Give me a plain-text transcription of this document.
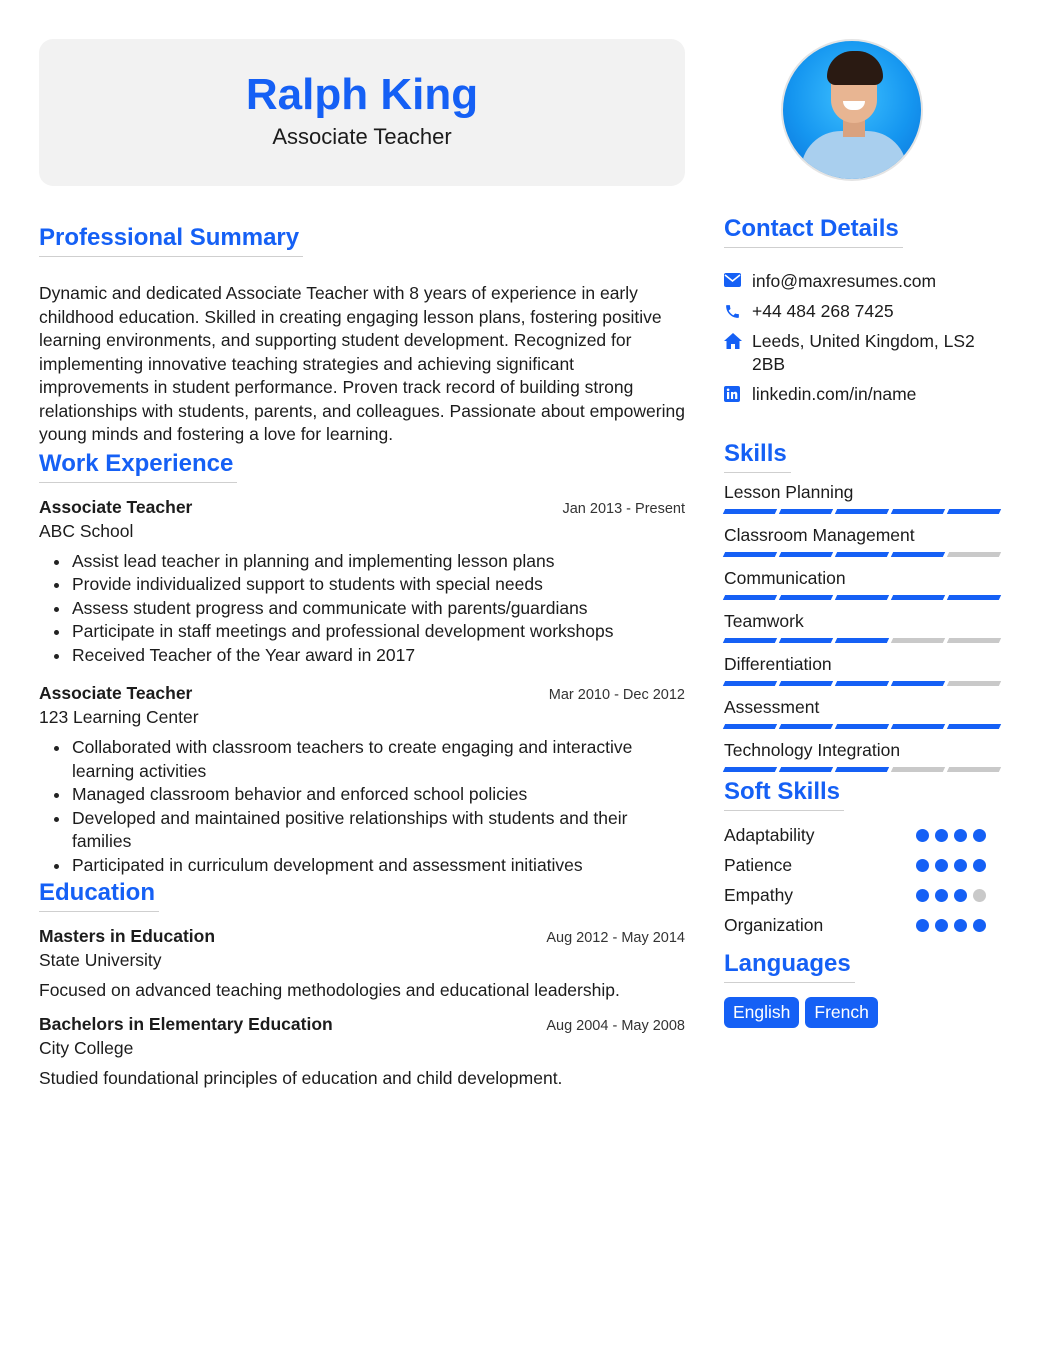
Ralph King
Associate Teacher
Professional Summary

Dynamic and dedicated Associate Teacher with 8 years of experience in early childhood education. Skilled in creating engaging lesson plans, fostering positive learning environments, and supporting student development. Recognized for implementing innovative teaching strategies and achieving significant improvements in student performance. Proven track record of building strong relationships with students, parents, and colleagues. Passionate about empowering young minds and fostering a love for learning.

Work Experience
Associate Teacher	Jan 2013 - Present
ABC School
Assist lead teacher in planning and implementing lesson plans
Provide individualized support to students with special needs
Assess student progress and communicate with parents/guardians
Participate in staff meetings and professional development workshops
Received Teacher of the Year award in 2017
Associate Teacher	Mar 2010 - Dec 2012
123 Learning Center
Collaborated with classroom teachers to create engaging and interactive learning activities
Managed classroom behavior and enforced school policies
Developed and maintained positive relationships with students and their families
Participated in curriculum development and assessment initiatives
Education
Masters in Education	Aug 2012 - May 2014
State University
Focused on advanced teaching methodologies and educational leadership.
Bachelors in Elementary Education	Aug 2004 - May 2008
City College
Studied foundational principles of education and child development.
Contact Details
info@maxresumes.com
+44 484 268 7425
Leeds, United Kingdom, LS2 2BB
linkedin.com/in/name
Skills
Lesson Planning
Classroom Management
Communication
Teamwork
Differentiation
Assessment
Technology Integration
Soft Skills
Adaptability
Patience
Empathy
Organization
Languages
English	French
